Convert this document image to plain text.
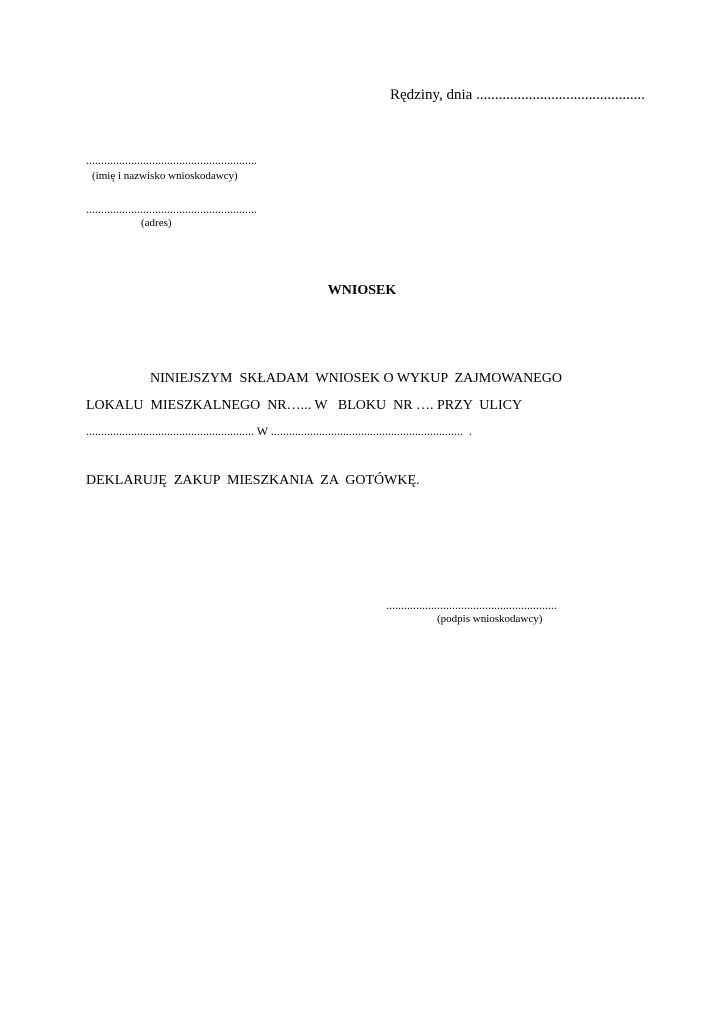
Rędziny, dnia .............................................
.........................................................
(imię i nazwisko wnioskodawcy)
.........................................................
(adres)
WNIOSEK
NINIEJSZYM  SKŁADAM  WNIOSEK O WYKUP  ZAJMOWANEGO
LOKALU  MIESZKALNEGO  NR…... W   BLOKU  NR …. PRZY  ULICY
........................................................ W ................................................................  .
DEKLARUJĘ  ZAKUP  MIESZKANIA  ZA  GOTÓWKĘ.
.........................................................
(podpis wnioskodawcy)
